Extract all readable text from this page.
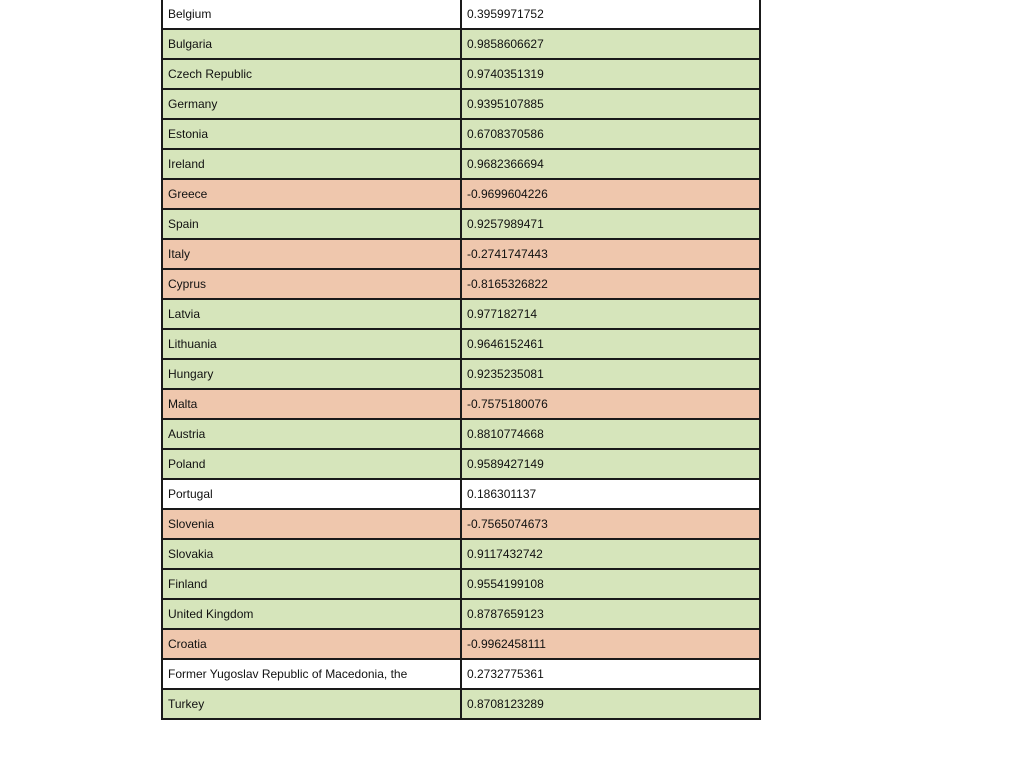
Belgium	0.3959971752
Bulgaria	0.9858606627
Czech Republic	0.9740351319
Germany	0.9395107885
Estonia	0.6708370586
Ireland	0.9682366694
Greece	-0.9699604226
Spain	0.9257989471
Italy	-0.2741747443
Cyprus	-0.8165326822
Latvia	0.977182714
Lithuania	0.9646152461
Hungary	0.9235235081
Malta	-0.7575180076
Austria	0.8810774668
Poland	0.9589427149
Portugal	0.186301137
Slovenia	-0.7565074673
Slovakia	0.9117432742
Finland	0.9554199108
United Kingdom	0.8787659123
Croatia	-0.9962458111
Former Yugoslav Republic of Macedonia, the	0.2732775361
Turkey	0.8708123289
